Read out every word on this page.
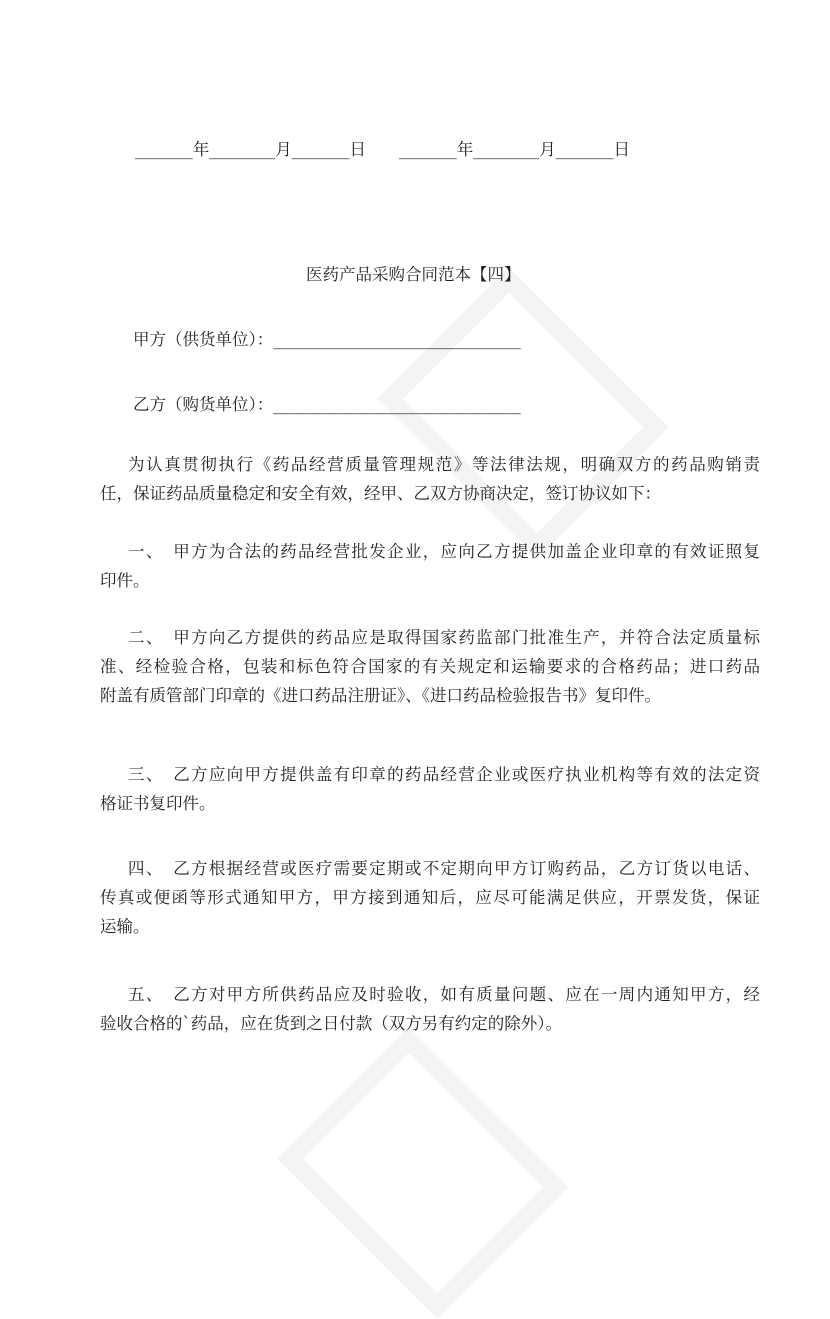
_______年________月_______日　　_______年________月_______日
医药产品采购合同范本【四】
甲方（供货单位）：______________________________
乙方（购货单位）：______________________________
为认真贯彻执行《药品经营质量管理规范》等法律法规，明确双方的药品购销责
任，保证药品质量稳定和安全有效，经甲、乙双方协商决定，签订协议如下：
一、　甲方为合法的药品经营批发企业，应向乙方提供加盖企业印章的有效证照复
印件。
二、　甲方向乙方提供的药品应是取得国家药监部门批准生产，并符合法定质量标
准、经检验合格，包装和标色符合国家的有关规定和运输要求的合格药品；进口药品
附盖有质管部门印章的《进口药品注册证》、《进口药品检验报告书》复印件。
三、　乙方应向甲方提供盖有印章的药品经营企业或医疗执业机构等有效的法定资
格证书复印件。
四、　乙方根据经营或医疗需要定期或不定期向甲方订购药品，乙方订货以电话、
传真或便函等形式通知甲方，甲方接到通知后，应尽可能满足供应，开票发货，保证
运输。
五、　乙方对甲方所供药品应及时验收，如有质量问题、应在一周内通知甲方，经
验收合格的`药品，应在货到之日付款（双方另有约定的除外）。
